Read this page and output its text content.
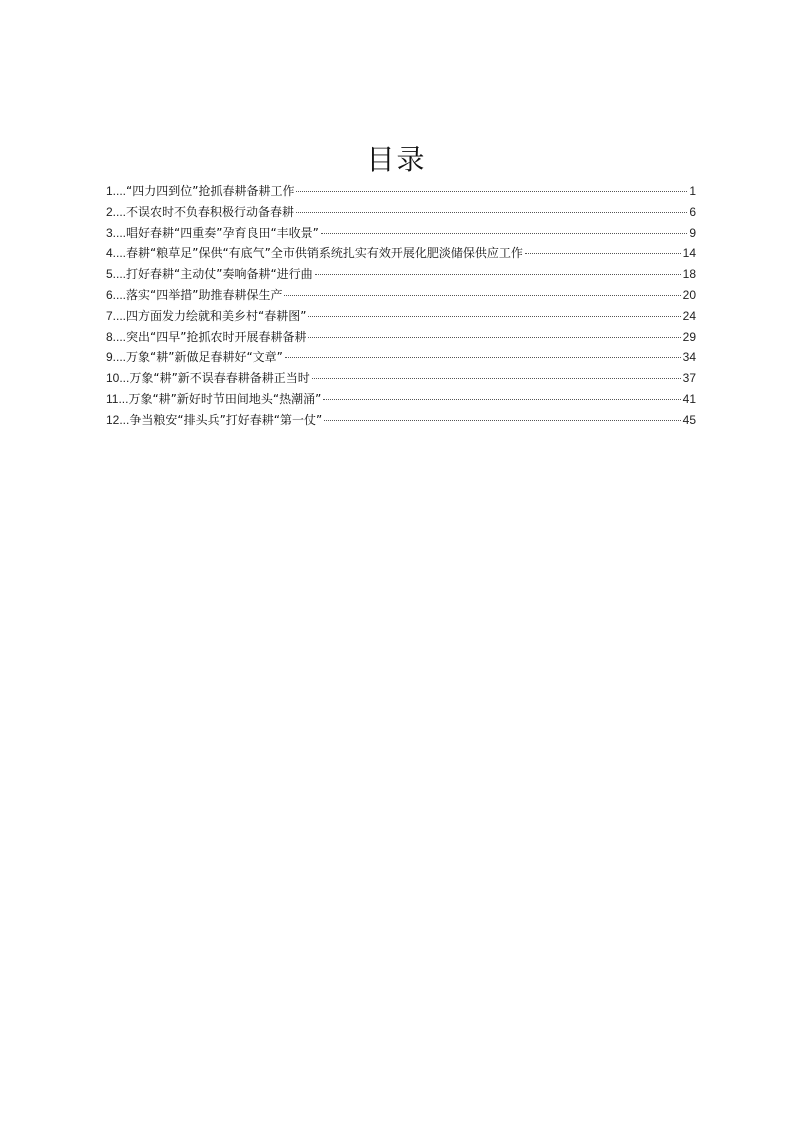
目录
1.... “四力四到位”抢抓春耕备耕工作	1
2.... 不误农时不负春积极行动备春耕	6
3.... 唱好春耕“四重奏”孕育良田“丰收景”	9
4.... 春耕“粮草足”保供“有底气”全市供销系统扎实有效开展化肥淡储保供应工作	14
5.... 打好春耕“主动仗”奏响备耕“进行曲	18
6.... 落实“四举措”助推春耕保生产	20
7.... 四方面发力绘就和美乡村“春耕图”	24
8.... 突出“四早”抢抓农时开展春耕备耕	29
9.... 万象“耕”新做足春耕好“文章”	34
10... 万象“耕”新不误春春耕备耕正当时	37
11... 万象“耕”新好时节田间地头“热潮涌”	41
12... 争当粮安“排头兵”打好春耕“第一仗”	45
